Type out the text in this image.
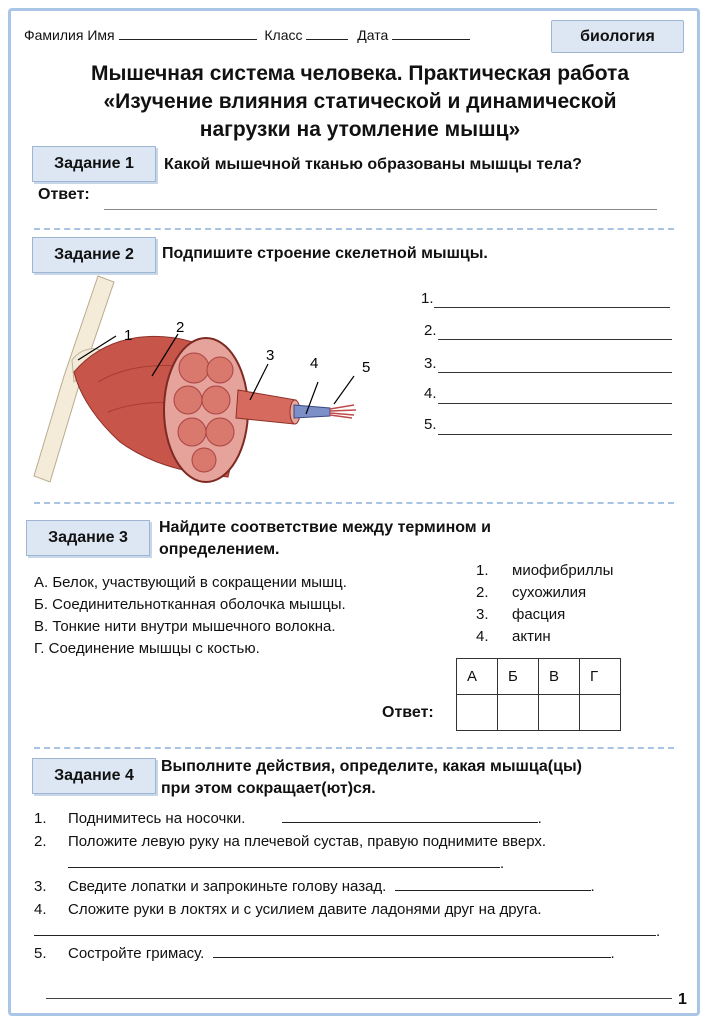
Фамилия Имя	Класс	Дата	биология
Мышечная система человека. Практическая работа
«Изучение влияния статической и динамической
нагрузки на утомление мышц»
Задание 1	Какой мышечной тканью образованы мышцы тела?
Ответ:
Задание 2	Подпишите строение скелетной мышцы.
1	2
3 4	5
1.
2.
3.
4.
5.
Задание 3
Найдите соответствие между термином и
определением.
А. Белок, участвующий в сокращении мышц.
Б. Соединительнотканная оболочка мышцы.
В. Тонкие нити внутри мышечного волокна.
Г. Соединение мышцы с костью.
1. миофибриллы
2. сухожилия
3. фасция
4. актин
А	Б	В	Г

Ответ:
Задание 4
Выполните действия, определите, какая мышца(цы)
при этом сокращает(ют)ся.
1. Поднимитесь на носочки.	.
2. Положите левую руку на плечевой сустав, правую поднимите вверх.
.
3. Сведите лопатки и запрокиньте голову назад.	.
4. Сложите руки в локтях и с усилием давите ладонями друг на друга.
.
5. Состройте гримасу.	.
1
